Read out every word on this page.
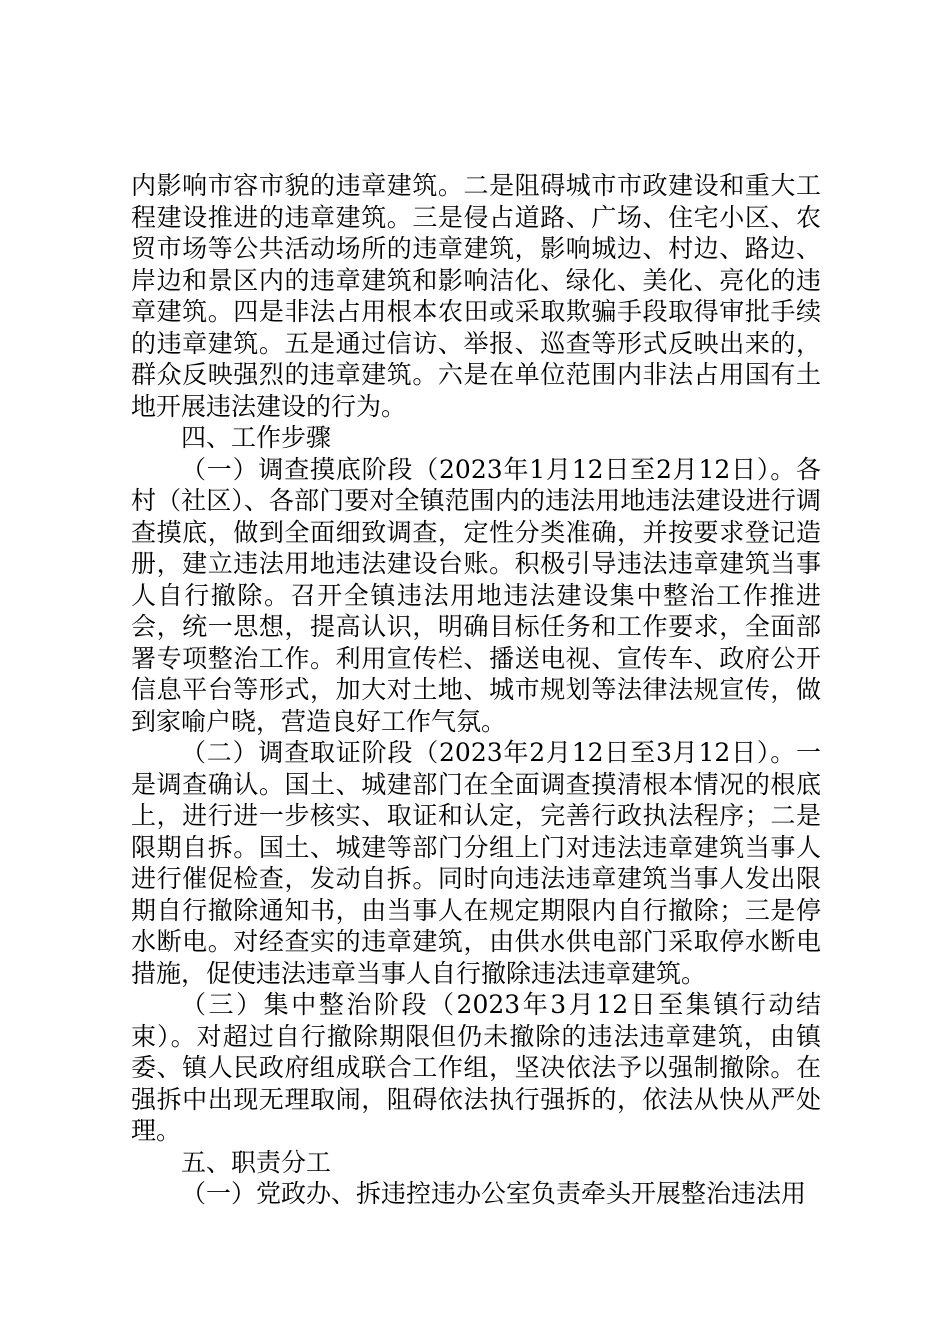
内影响市容市貌的违章建筑。二是阻碍城市市政建设和重大工程建设推进的违章建筑。三是侵占道路、广场、住宅小区、农贸市场等公共活动场所的违章建筑，影响城边、村边、路边、岸边和景区内的违章建筑和影响洁化、绿化、美化、亮化的违章建筑。四是非法占用根本农田或采取欺骗手段取得审批手续的违章建筑。五是通过信访、举报、巡查等形式反映出来的，群众反映强烈的违章建筑。六是在单位范围内非法占用国有土地开展违法建设的行为。

四、工作步骤

（一）调查摸底阶段（2023年1月12日至2月12日）。各村（社区）、各部门要对全镇范围内的违法用地违法建设进行调查摸底，做到全面细致调查，定性分类准确，并按要求登记造册，建立违法用地违法建设台账。积极引导违法违章建筑当事人自行撤除。召开全镇违法用地违法建设集中整治工作推进会，统一思想，提高认识，明确目标任务和工作要求，全面部署专项整治工作。利用宣传栏、播送电视、宣传车、政府公开信息平台等形式，加大对土地、城市规划等法律法规宣传，做到家喻户晓，营造良好工作气氛。

（二）调查取证阶段（2023年2月12日至3月12日）。一是调查确认。国土、城建部门在全面调查摸清根本情况的根底上，进行进一步核实、取证和认定，完善行政执法程序；二是限期自拆。国土、城建等部门分组上门对违法违章建筑当事人进行催促检查，发动自拆。同时向违法违章建筑当事人发出限期自行撤除通知书，由当事人在规定期限内自行撤除；三是停水断电。对经查实的违章建筑，由供水供电部门采取停水断电措施，促使违法违章当事人自行撤除违法违章建筑。

（三）集中整治阶段（2023年3月12日至集镇行动结束）。对超过自行撤除期限但仍未撤除的违法违章建筑，由镇委、镇人民政府组成联合工作组，坚决依法予以强制撤除。在强拆中出现无理取闹，阻碍依法执行强拆的，依法从快从严处理。

五、职责分工

（一）党政办、拆违控违办公室负责牵头开展整治违法用
